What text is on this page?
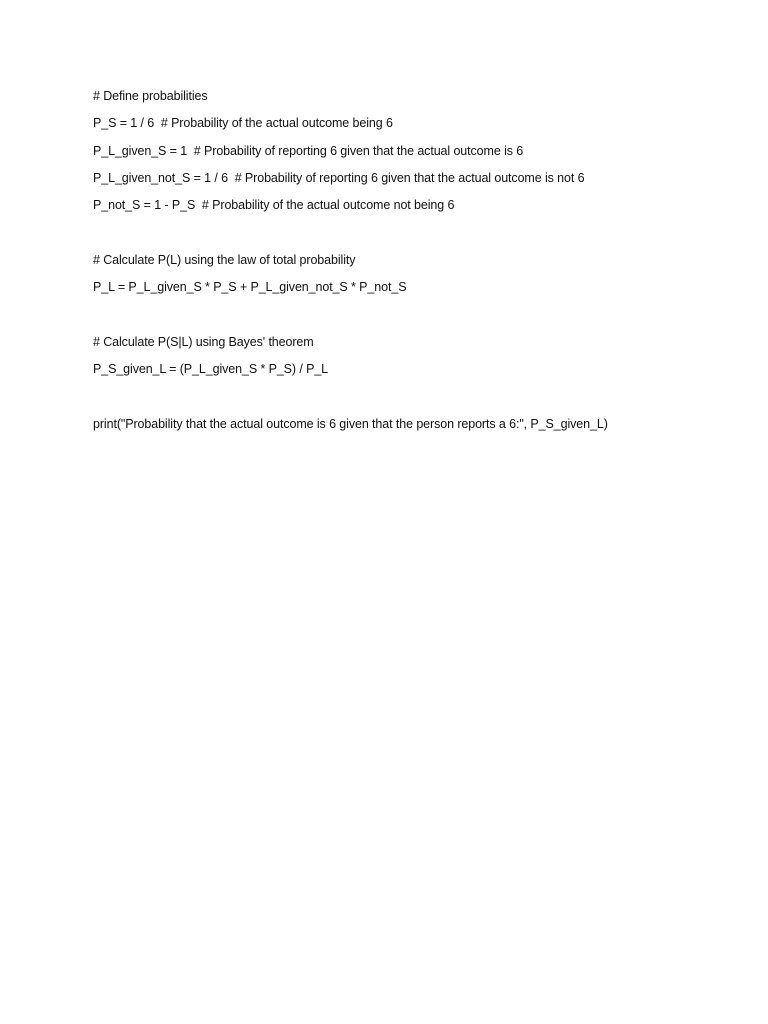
# Define probabilities
P_S = 1 / 6  # Probability of the actual outcome being 6
P_L_given_S = 1  # Probability of reporting 6 given that the actual outcome is 6
P_L_given_not_S = 1 / 6  # Probability of reporting 6 given that the actual outcome is not 6
P_not_S = 1 - P_S  # Probability of the actual outcome not being 6
# Calculate P(L) using the law of total probability
P_L = P_L_given_S * P_S + P_L_given_not_S * P_not_S
# Calculate P(S|L) using Bayes' theorem
P_S_given_L = (P_L_given_S * P_S) / P_L
print("Probability that the actual outcome is 6 given that the person reports a 6:", P_S_given_L)
